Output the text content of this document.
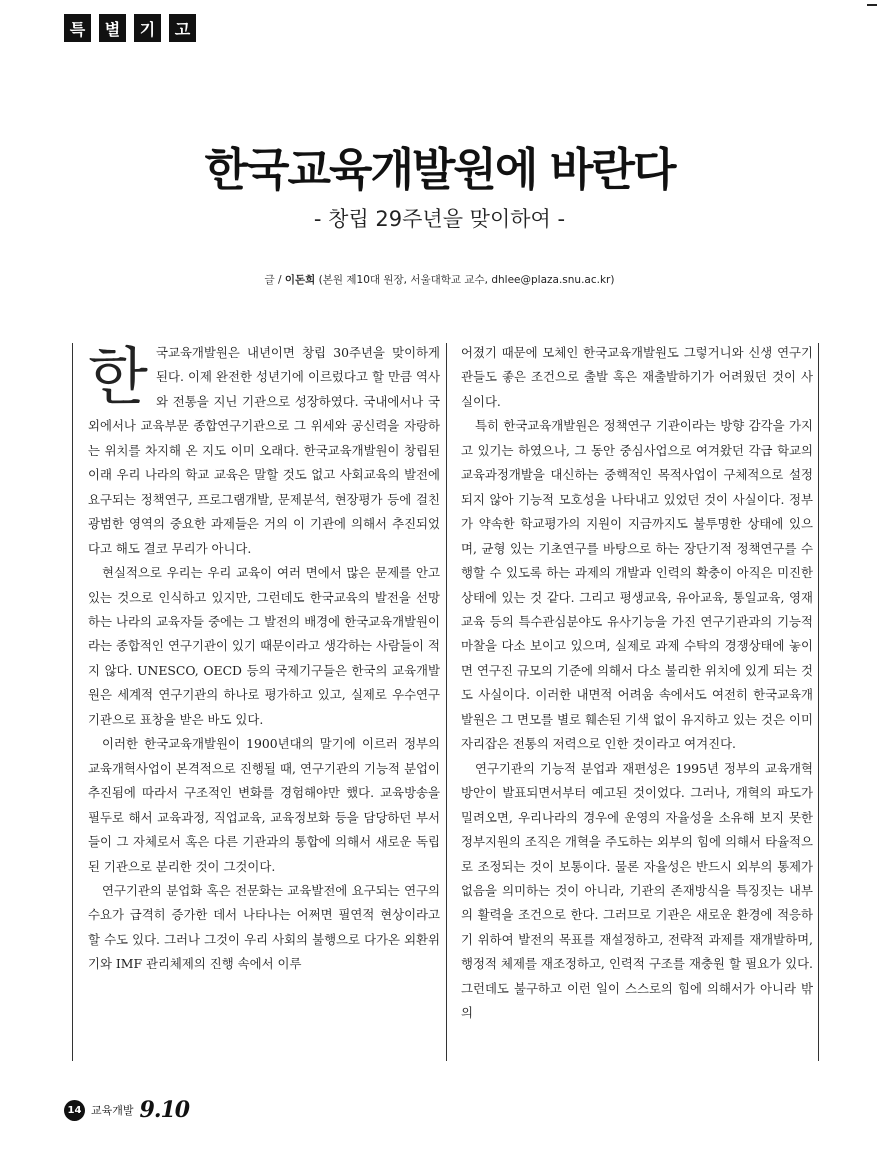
특	별	기	고
한국교육개발원에 바란다
- 창립 29주년을 맞이하여 -
글 / 이돈희 (본원 제10대 원장, 서울대학교 교수, dhlee@plaza.snu.ac.kr)
한 국교육개발원은 내년이면 창립 30주년을 맞이하게 된다. 이제 완전한 성년기에 이르렀다고 할 만큼 역사와 전통을 지닌 기관으로 성장하였다. 국내에서나 국외에서나 교육부문 종합연구기관으로 그 위세와 공신력을 자랑하는 위치를 차지해 온 지도 이미 오래다. 한국교육개발원이 창립된 이래 우리 나라의 학교 교육은 말할 것도 없고 사회교육의 발전에 요구되는 정책연구, 프로그램개발, 문제분석, 현장평가 등에 걸친 광범한 영역의 중요한 과제들은 거의 이 기관에 의해서 추진되었다고 해도 결코 무리가 아니다.

현실적으로 우리는 우리 교육이 여러 면에서 많은 문제를 안고 있는 것으로 인식하고 있지만, 그런데도 한국교육의 발전을 선망하는 나라의 교육자들 중에는 그 발전의 배경에 한국교육개발원이라는 종합적인 연구기관이 있기 때문이라고 생각하는 사람들이 적지 않다. UNESCO, OECD 등의 국제기구들은 한국의 교육개발원은 세계적 연구기관의 하나로 평가하고 있고, 실제로 우수연구기관으로 표창을 받은 바도 있다.

이러한 한국교육개발원이 1900년대의 말기에 이르러 정부의 교육개혁사업이 본격적으로 진행될 때, 연구기관의 기능적 분업이 추진됨에 따라서 구조적인 변화를 경험해야만 했다. 교육방송을 필두로 해서 교육과정, 직업교육, 교육정보화 등을 담당하던 부서들이 그 자체로서 혹은 다른 기관과의 통합에 의해서 새로운 독립된 기관으로 분리한 것이 그것이다.

연구기관의 분업화 혹은 전문화는 교육발전에 요구되는 연구의 수요가 급격히 증가한 데서 나타나는 어쩌면 필연적 현상이라고 할 수도 있다. 그러나 그것이 우리 사회의 불행으로 다가온 외환위기와 IMF 관리체제의 진행 속에서 이루

어졌기 때문에 모체인 한국교육개발원도 그렇거니와 신생 연구기관들도 좋은 조건으로 출발 혹은 재출발하기가 어려웠던 것이 사실이다.

특히 한국교육개발원은 정책연구 기관이라는 방향 감각을 가지고 있기는 하였으나, 그 동안 중심사업으로 여겨왔던 각급 학교의 교육과정개발을 대신하는 중핵적인 목적사업이 구체적으로 설정되지 않아 기능적 모호성을 나타내고 있었던 것이 사실이다. 정부가 약속한 학교평가의 지원이 지금까지도 불투명한 상태에 있으며, 균형 있는 기초연구를 바탕으로 하는 장단기적 정책연구를 수행할 수 있도록 하는 과제의 개발과 인력의 확충이 아직은 미진한 상태에 있는 것 같다. 그리고 평생교육, 유아교육, 통일교육, 영재교육 등의 특수관심분야도 유사기능을 가진 연구기관과의 기능적 마찰을 다소 보이고 있으며, 실제로 과제 수탁의 경쟁상태에 놓이면 연구진 규모의 기준에 의해서 다소 불리한 위치에 있게 되는 것도 사실이다. 이러한 내면적 어려움 속에서도 여전히 한국교육개발원은 그 면모를 별로 훼손된 기색 없이 유지하고 있는 것은 이미 자리잡은 전통의 저력으로 인한 것이라고 여겨진다.

연구기관의 기능적 분업과 재편성은 1995년 정부의 교육개혁방안이 발표되면서부터 예고된 것이었다. 그러나, 개혁의 파도가 밀려오면, 우리나라의 경우에 운영의 자율성을 소유해 보지 못한 정부지원의 조직은 개혁을 주도하는 외부의 힘에 의해서 타율적으로 조정되는 것이 보통이다. 물론 자율성은 반드시 외부의 통제가 없음을 의미하는 것이 아니라, 기관의 존재방식을 특징짓는 내부의 활력을 조건으로 한다. 그러므로 기관은 새로운 환경에 적응하기 위하여 발전의 목표를 재설정하고, 전략적 과제를 재개발하며, 행정적 체제를 재조정하고, 인력적 구조를 재충원 할 필요가 있다. 그런데도 불구하고 이런 일이 스스로의 힘에 의해서가 아니라 밖의

14 교육개발 9.10
